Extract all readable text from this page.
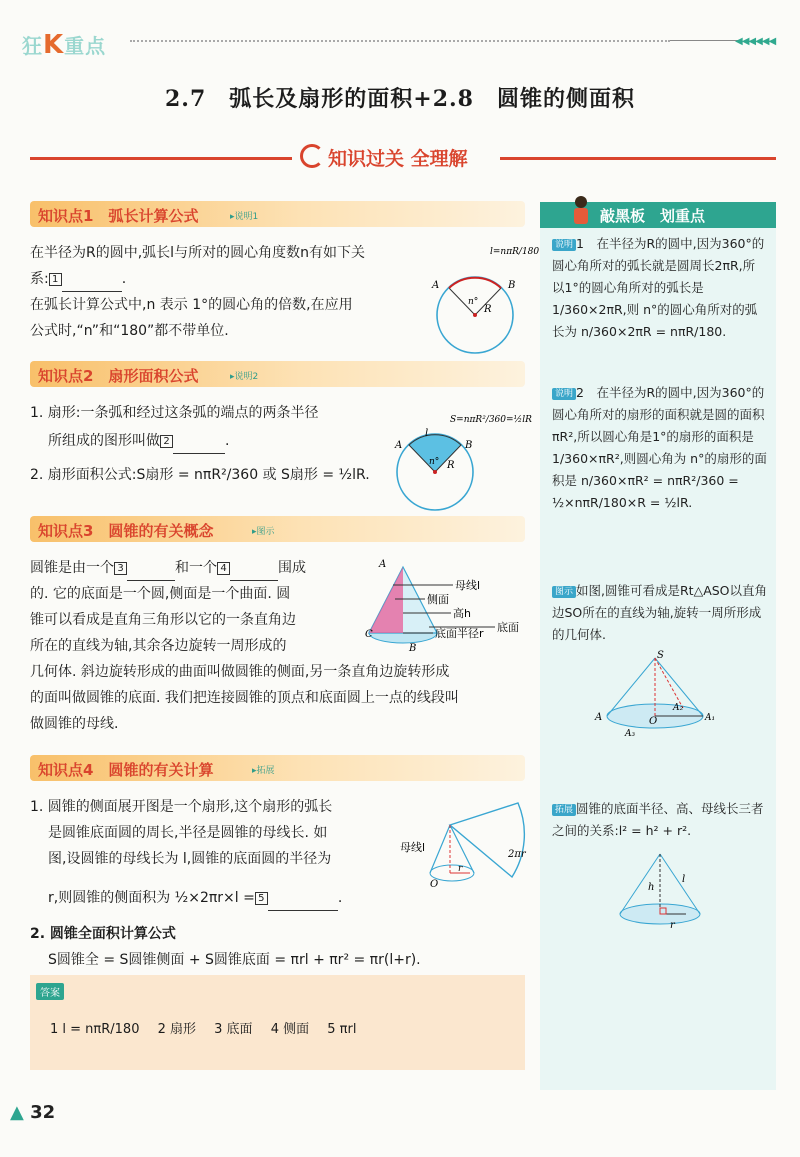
狂K重点	◀◀◀◀◀◀
2.7　弧长及扇形的面积+2.8　圆锥的侧面积
知识过关 全理解
知识点1　弧长计算公式	▸说明1
在半径为R的圆中,弧长l与所对的圆心角度数n有如下关
系: 1	.
在弧长计算公式中,n 表示 1°的圆心角的倍数,在应用
公式时,“n”和“180”都不带单位.
l=nπR/180
A	B
n°
R
知识点2　扇形面积公式	▸说明2
1. 扇形:一条弧和经过这条弧的端点的两条半径
所组成的图形叫做 2	.
2. 扇形面积公式:S扇形 = nπR²/360 或 S扇形 = ½lR.
S=nπR²/360=½lR
A	B
l
n° R
知识点3　圆锥的有关概念	▸图示
圆锥是由一个 3	和一个 4	围成
的. 它的底面是一个圆,侧面是一个曲面. 圆
锥可以看成是直角三角形以它的一条直角边
所在的直线为轴,其余各边旋转一周形成的
几何体. 斜边旋转形成的曲面叫做圆锥的侧面,另一条直角边旋转形成
的面叫做圆锥的底面. 我们把连接圆锥的顶点和底面圆上一点的线段叫
做圆锥的母线.
A
C
B
母线l
侧面
高h
底面半径r 底面
知识点4　圆锥的有关计算	▸拓展
1. 圆锥的侧面展开图是一个扇形,这个扇形的弧长
是圆锥底面圆的周长,半径是圆锥的母线长. 如
图,设圆锥的母线长为 l,圆锥的底面圆的半径为
r,则圆锥的侧面积为 ½×2πr×l = 5	.
2. 圆锥全面积计算公式
S圆锥全 = S圆锥侧面 + S圆锥底面 = πrl + πr² = πr(l+r).
母线l
2πr
O
r
答案
1 l = nπR/180 2 扇形 3 底面 4 侧面 5 πrl
敲黑板　划重点
说明 1　在半径为R的圆中,因为360°的圆心角所对的弧长就是圆周长2πR,所以1°的圆心角所对的弧长是 1/360×2πR,则 n°的圆心角所对的弧长为 n/360×2πR = nπR/180.
说明 2　在半径为R的圆中,因为360°的圆心角所对的扇形的面积就是圆的面积 πR²,所以圆心角是1°的扇形的面积是 1/360×πR²,则圆心角为 n°的扇形的面积是 n/360×πR² = nπR²/360 = ½×nπR/180×R = ½lR.
图示 如图,圆锥可看成是Rt△ASO以直角边SO所在的直线为轴,旋转一周所形成的几何体.
S
A	O
A₂
A₁
A₃
拓展 圆锥的底面半径、高、母线长三者之间的关系:l² = h² + r².
h
l
r
▲ 32
